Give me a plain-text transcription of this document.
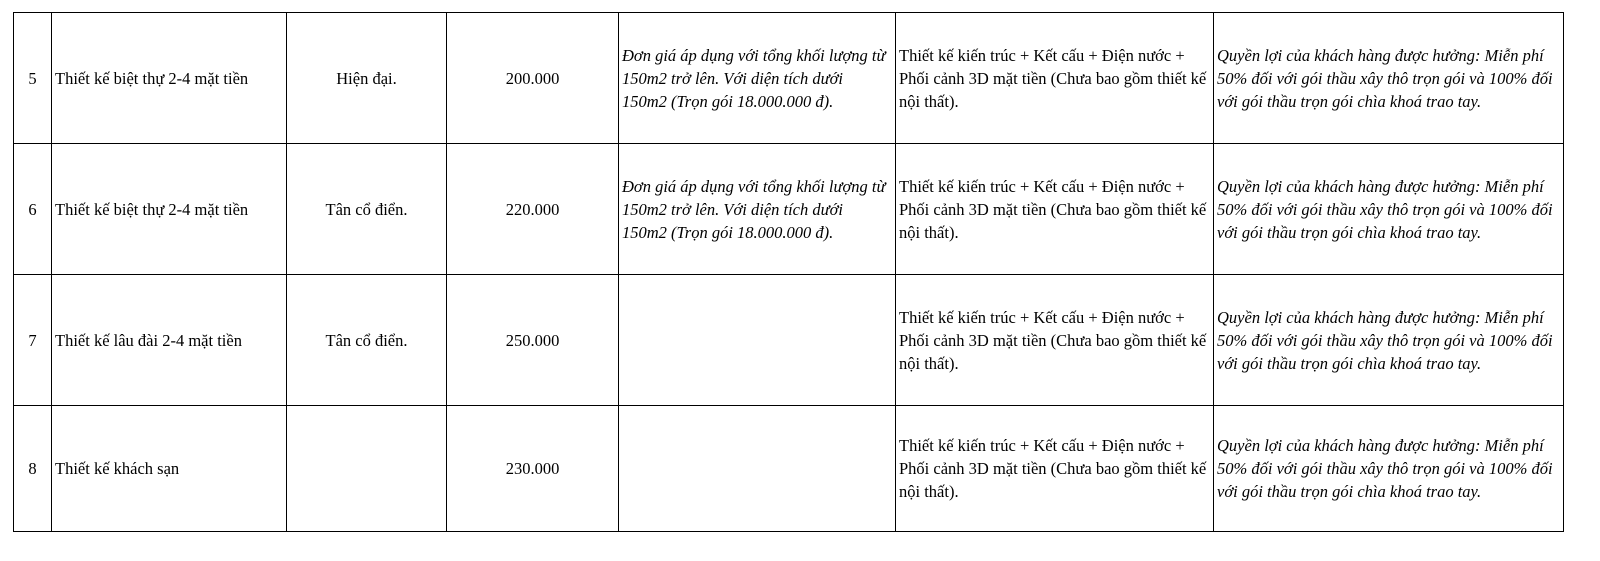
5	Thiết kế biệt thự 2-4 mặt tiền	Hiện đại.	200.000	Đơn giá áp dụng với tổng khối lượng từ 150m2 trở lên. Với diện tích dưới 150m2 (Trọn gói 18.000.000 đ).	Thiết kế kiến trúc + Kết cấu + Điện nước + Phối cảnh 3D mặt tiền (Chưa bao gồm thiết kế nội thất).	Quyền lợi của khách hàng được hưởng: Miễn phí 50% đối với gói thầu xây thô trọn gói và 100% đối với gói thầu trọn gói chìa khoá trao tay.
6	Thiết kế biệt thự 2-4 mặt tiền	Tân cổ điển.	220.000	Đơn giá áp dụng với tổng khối lượng từ 150m2 trở lên. Với diện tích dưới 150m2 (Trọn gói 18.000.000 đ).	Thiết kế kiến trúc + Kết cấu + Điện nước + Phối cảnh 3D mặt tiền (Chưa bao gồm thiết kế nội thất).	Quyền lợi của khách hàng được hưởng: Miễn phí 50% đối với gói thầu xây thô trọn gói và 100% đối với gói thầu trọn gói chìa khoá trao tay.
7	Thiết kế lâu đài 2-4 mặt tiền	Tân cổ điển.	250.000		Thiết kế kiến trúc + Kết cấu + Điện nước + Phối cảnh 3D mặt tiền (Chưa bao gồm thiết kế nội thất).	Quyền lợi của khách hàng được hưởng: Miễn phí 50% đối với gói thầu xây thô trọn gói và 100% đối với gói thầu trọn gói chìa khoá trao tay.
8	Thiết kế khách sạn		230.000		Thiết kế kiến trúc + Kết cấu + Điện nước + Phối cảnh 3D mặt tiền (Chưa bao gồm thiết kế nội thất).	Quyền lợi của khách hàng được hưởng: Miễn phí 50% đối với gói thầu xây thô trọn gói và 100% đối với gói thầu trọn gói chìa khoá trao tay.
